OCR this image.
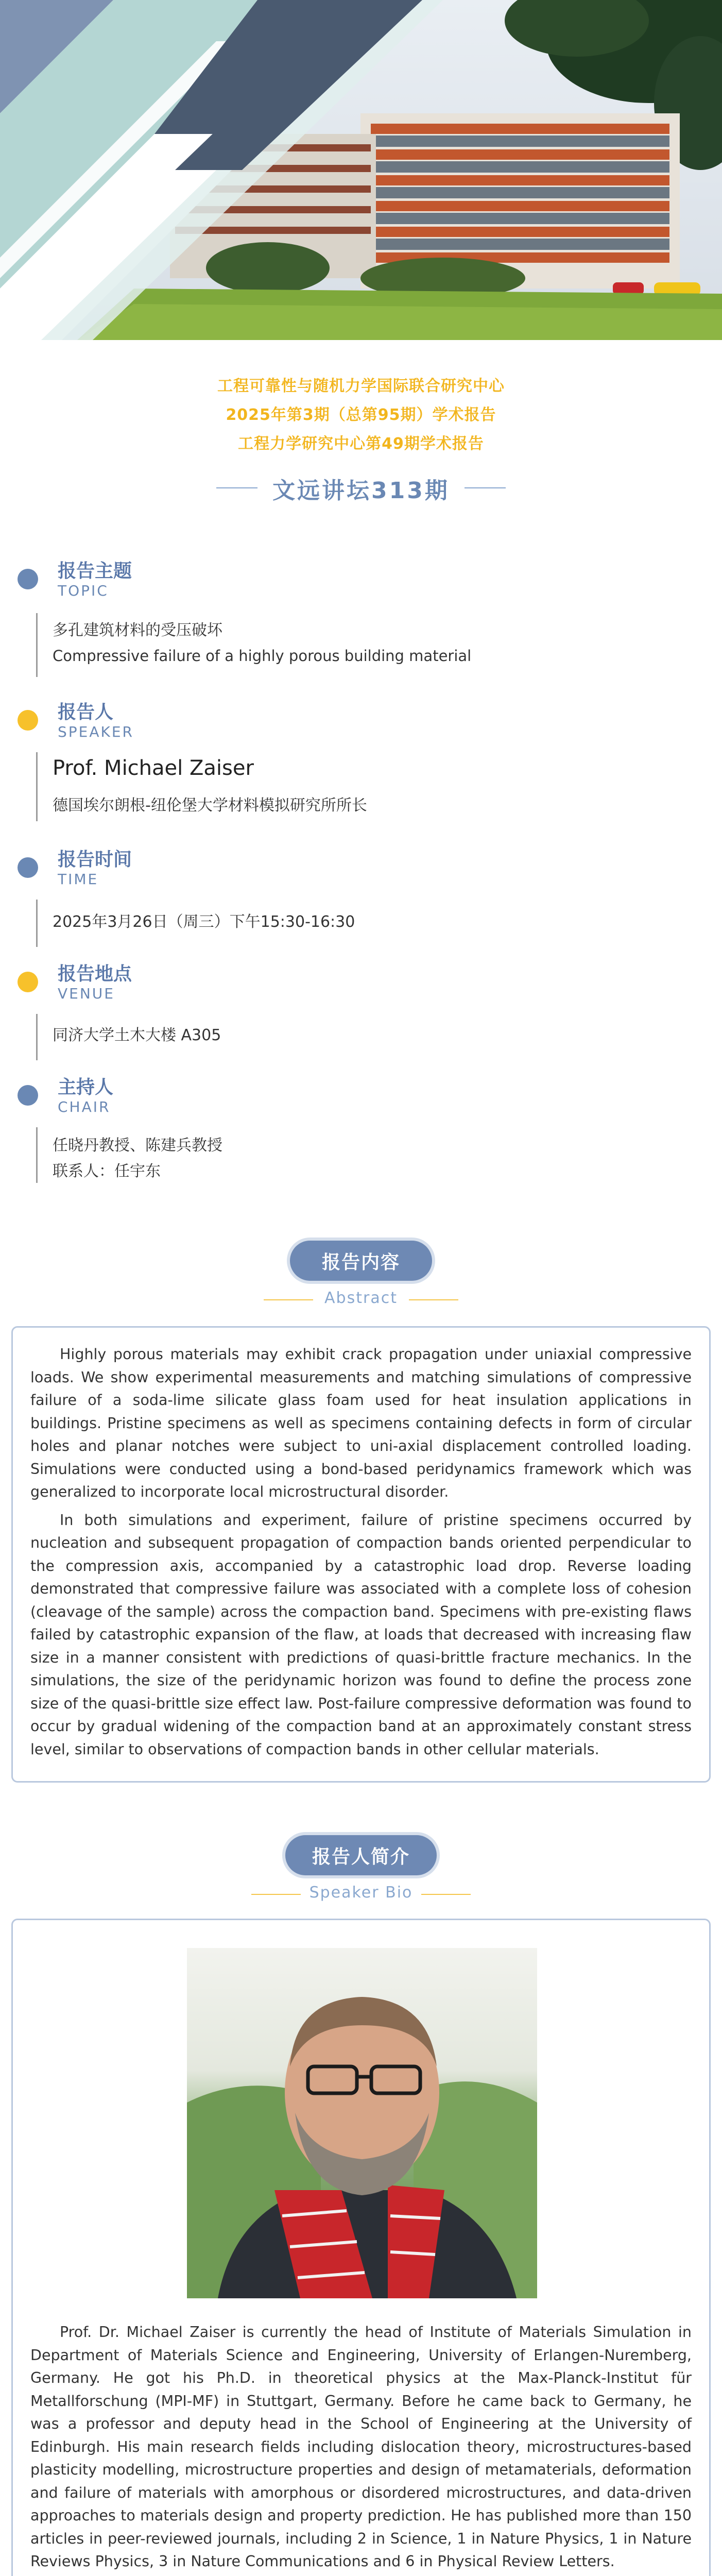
工程可靠性与随机力学国际联合研究中心
2025年第3期（总第95期）学术报告
工程力学研究中心第49期学术报告
文远讲坛313期
报告主题
TOPIC
多孔建筑材料的受压破坏
Compressive failure of a highly porous building material
报告人
SPEAKER
Prof. Michael Zaiser
德国埃尔朗根-纽伦堡大学材料模拟研究所所长
报告时间
TIME
2025年3月26日（周三）下午15:30-16:30
报告地点
VENUE
同济大学土木大楼 A305
主持人
CHAIR
任晓丹教授、陈建兵教授
联系人：任宇东
报告内容
Abstract

Highly porous materials may exhibit crack propagation under uniaxial compressive loads. We show experimental measurements and matching simulations of compressive failure of a soda-lime silicate glass foam used for heat insulation applications in buildings. Pristine specimens as well as specimens containing defects in form of circular holes and planar notches were subject to uni-axial displacement controlled loading. Simulations were conducted using a bond-based peridynamics framework which was generalized to incorporate local microstructural disorder.

In both simulations and experiment, failure of pristine specimens occurred by nucleation and subsequent propagation of compaction bands oriented perpendicular to the compression axis, accompanied by a catastrophic load drop. Reverse loading demonstrated that compressive failure was associated with a complete loss of cohesion (cleavage of the sample) across the compaction band. Specimens with pre-existing flaws failed by catastrophic expansion of the flaw, at loads that decreased with increasing flaw size in a manner consistent with predictions of quasi-brittle fracture mechanics. In the simulations, the size of the peridynamic horizon was found to define the process zone size of the quasi-brittle size effect law. Post-failure compressive deformation was found to occur by gradual widening of the compaction band at an approximately constant stress level, similar to observations of compaction bands in other cellular materials.

报告人简介
Speaker Bio

Prof. Dr. Michael Zaiser is currently the head of Institute of Materials Simulation in Department of Materials Science and Engineering, University of Erlangen-Nuremberg, Germany. He got his Ph.D. in theoretical physics at the Max-Planck-Institut für Metallforschung (MPI-MF) in Stuttgart, Germany. Before he came back to Germany, he was a professor and deputy head in the School of Engineering at the University of Edinburgh. His main research fields including dislocation theory, microstructures-based plasticity modelling, microstructure properties and design of metamaterials, deformation and failure of materials with amorphous or disordered microstructures, and data-driven approaches to materials design and property prediction. He has published more than 150 articles in peer-reviewed journals, including 2 in Science, 1 in Nature Physics, 1 in Nature Reviews Physics, 3 in Nature Communications and 6 in Physical Review Letters.
